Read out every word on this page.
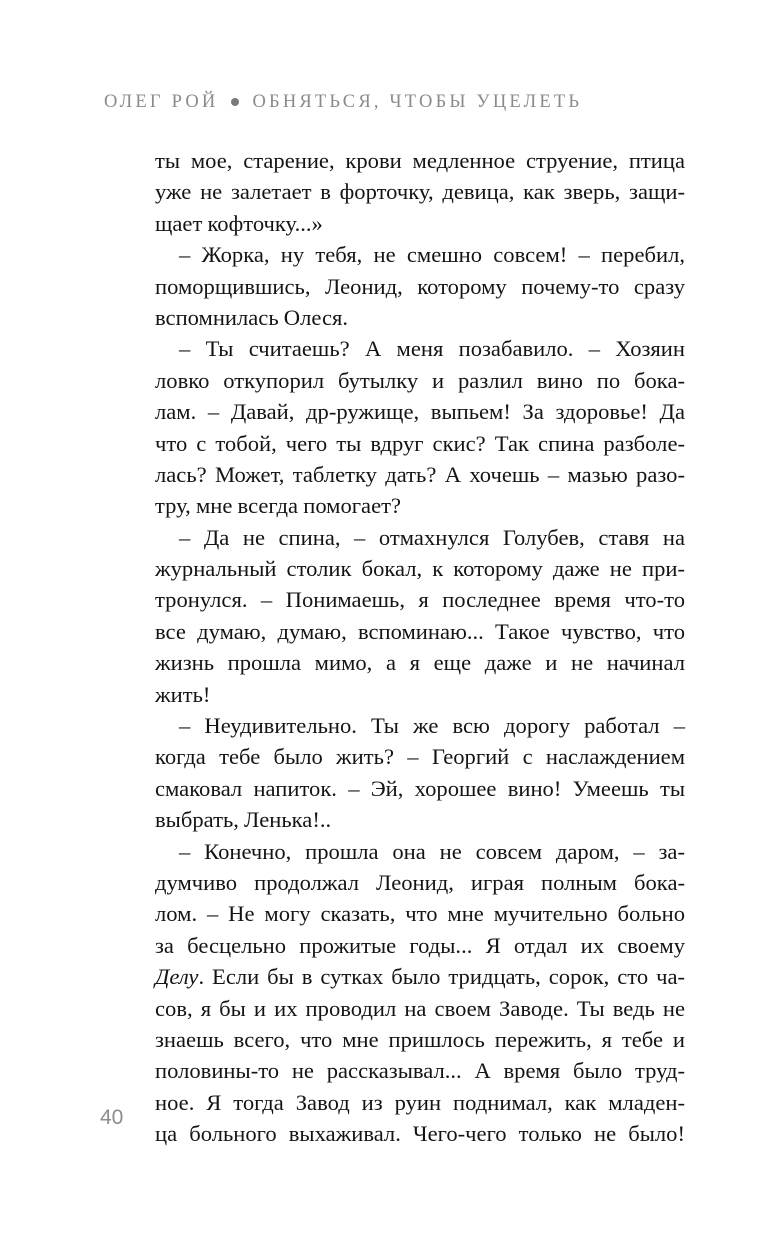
ОЛЕГ РОЙ ОБНЯТЬСЯ, ЧТОБЫ УЦЕЛЕТЬ
ты мое, старение, крови медленное струение, птица
уже не залетает в форточку, девица, как зверь, защи-
щает кофточку...»
– Жорка, ну тебя, не смешно совсем! – перебил,
поморщившись, Леонид, которому почему-то сразу
вспомнилась Олеся.
– Ты считаешь? А меня позабавило. – Хозяин
ловко откупорил бутылку и разлил вино по бока-
лам. – Давай, др-ружище, выпьем! За здоровье! Да
что с тобой, чего ты вдруг скис? Так спина разболе-
лась? Может, таблетку дать? А хочешь – мазью разо-
тру, мне всегда помогает?
– Да не спина, – отмахнулся Голубев, ставя на
журнальный столик бокал, к которому даже не при-
тронулся. – Понимаешь, я последнее время что-то
все думаю, думаю, вспоминаю... Такое чувство, что
жизнь прошла мимо, а я еще даже и не начинал
жить!
– Неудивительно. Ты же всю дорогу работал –
когда тебе было жить? – Георгий с наслаждением
смаковал напиток. – Эй, хорошее вино! Умеешь ты
выбрать, Ленька!..
– Конечно, прошла она не совсем даром, – за-
думчиво продолжал Леонид, играя полным бока-
лом. – Не могу сказать, что мне мучительно больно
за бесцельно прожитые годы... Я отдал их своему
Делу. Если бы в сутках было тридцать, сорок, сто ча-
сов, я бы и их проводил на своем Заводе. Ты ведь не
знаешь всего, что мне пришлось пережить, я тебе и
половины-то не рассказывал... А время было труд-
ное. Я тогда Завод из руин поднимал, как младен-
ца больного выхаживал. Чего-чего только не было!
40
